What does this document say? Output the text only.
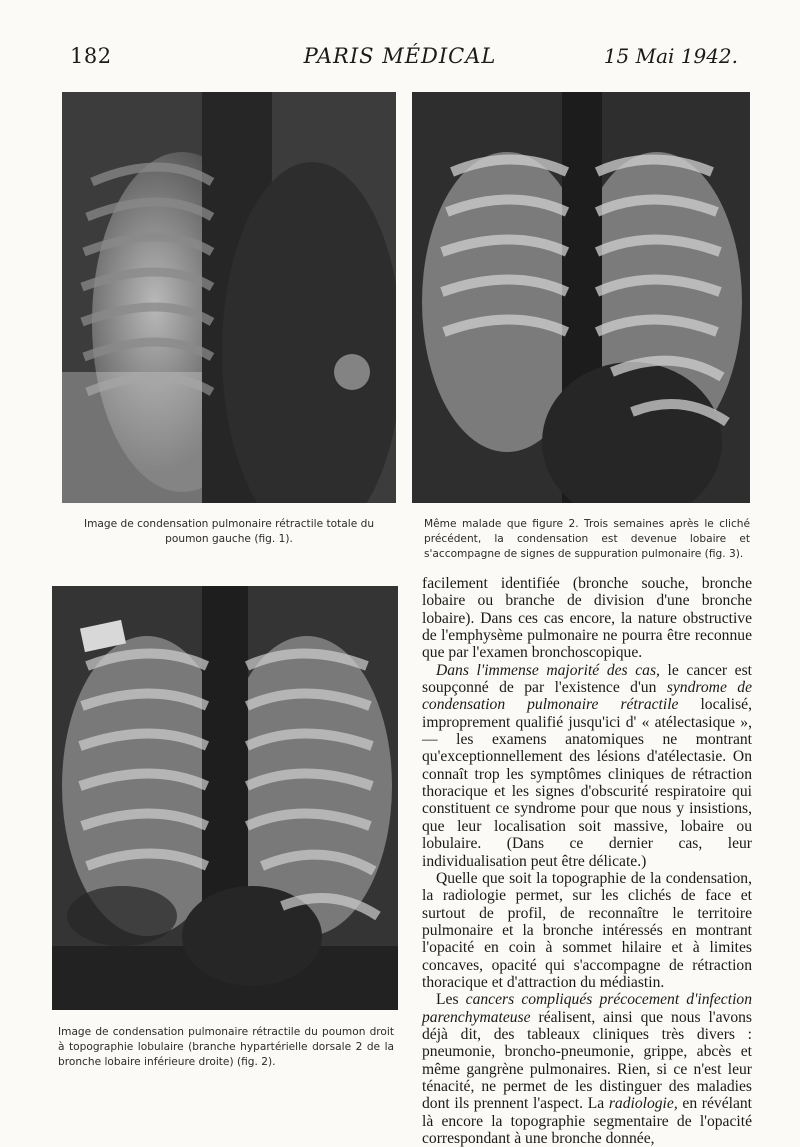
182	PARIS MÉDICAL	15 Mai 1942.
Image de condensation pulmonaire rétractile totale du
poumon gauche (fig. 1).
Même malade que figure 2. Trois semaines après le cliché précédent, la condensation est devenue lobaire et s'accompagne de signes de suppuration pulmonaire (fig. 3).
Image de condensation pulmonaire rétractile du poumon droit à topographie lobulaire (branche hypartérielle dorsale 2 de la bronche lobaire inférieure droite) (fig. 2).

facilement identifiée (bronche souche, bronche lobaire ou branche de division d'une bronche lobaire). Dans ces cas encore, la nature obstructive de l'emphysème pulmonaire ne pourra être reconnue que par l'examen bronchoscopique.

Dans l'immense majorité des cas, le cancer est soupçonné de par l'existence d'un syndrome de condensation pulmonaire rétractile localisé, improprement qualifié jusqu'ici d' « atélectasique », — les examens anatomiques ne montrant qu'exceptionnellement des lésions d'atélectasie. On connaît trop les symptômes cliniques de rétraction thoracique et les signes d'obscurité respiratoire qui constituent ce syndrome pour que nous y insistions, que leur localisation soit massive, lobaire ou lobulaire. (Dans ce dernier cas, leur individualisation peut être délicate.)

Quelle que soit la topographie de la condensation, la radiologie permet, sur les clichés de face et surtout de profil, de reconnaître le territoire pulmonaire et la bronche intéressés en montrant l'opacité en coin à sommet hilaire et à limites concaves, opacité qui s'accompagne de rétraction thoracique et d'attraction du médiastin.

Les cancers compliqués précocement d'infection parenchymateuse réalisent, ainsi que nous l'avons déjà dit, des tableaux cliniques très divers : pneumonie, broncho-pneumonie, grippe, abcès et même gangrène pulmonaires. Rien, si ce n'est leur ténacité, ne permet de les distinguer des maladies dont ils prennent l'aspect. La radiologie, en révélant là encore la topographie segmentaire de l'opacité correspondant à une bronche donnée,
